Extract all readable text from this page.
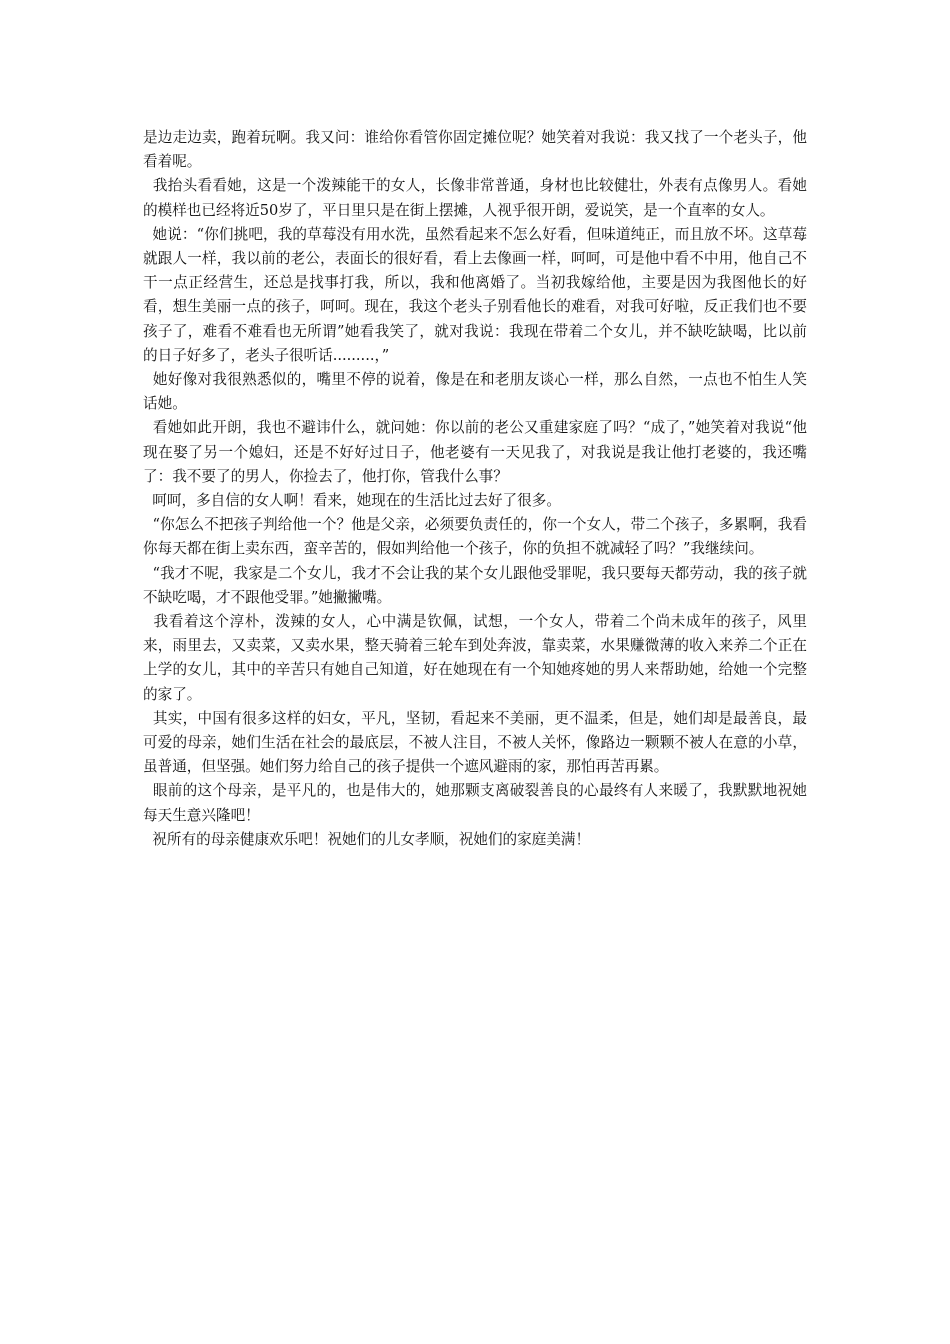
是边走边卖，跑着玩啊。我又问：谁给你看管你固定摊位呢？她笑着对我说：我又找了一个老头子，他看着呢。

我抬头看看她，这是一个泼辣能干的女人，长像非常普通，身材也比较健壮，外表有点像男人。看她的模样也已经将近50岁了，平日里只是在街上摆摊，人视乎很开朗，爱说笑，是一个直率的女人。

她说：“你们挑吧，我的草莓没有用水洗，虽然看起来不怎么好看，但味道纯正，而且放不坏。这草莓就跟人一样，我以前的老公，表面长的很好看，看上去像画一样，呵呵，可是他中看不中用，他自己不干一点正经营生，还总是找事打我，所以，我和他离婚了。当初我嫁给他，主要是因为我图他长的好看，想生美丽一点的孩子，呵呵。现在，我这个老头子别看他长的难看，对我可好啦，反正我们也不要孩子了，难看不难看也无所谓”她看我笑了，就对我说：我现在带着二个女儿，并不缺吃缺喝，比以前的日子好多了，老头子很听话.........，”

她好像对我很熟悉似的，嘴里不停的说着，像是在和老朋友谈心一样，那么自然，一点也不怕生人笑话她。

看她如此开朗，我也不避讳什么，就问她：你以前的老公又重建家庭了吗？“成了，”她笑着对我说“他现在娶了另一个媳妇，还是不好好过日子，他老婆有一天见我了，对我说是我让他打老婆的，我还嘴了：我不要了的男人，你捡去了，他打你，管我什么事？

呵呵，多自信的女人啊！看来，她现在的生活比过去好了很多。

“你怎么不把孩子判给他一个？他是父亲，必须要负责任的，你一个女人，带二个孩子，多累啊，我看你每天都在街上卖东西，蛮辛苦的，假如判给他一个孩子，你的负担不就减轻了吗？”我继续问。

“我才不呢，我家是二个女儿，我才不会让我的某个女儿跟他受罪呢，我只要每天都劳动，我的孩子就不缺吃喝，才不跟他受罪。”她撇撇嘴。

我看着这个淳朴，泼辣的女人，心中满是钦佩，试想，一个女人，带着二个尚未成年的孩子，风里来，雨里去，又卖菜，又卖水果，整天骑着三轮车到处奔波，靠卖菜，水果赚微薄的收入来养二个正在上学的女儿，其中的辛苦只有她自己知道，好在她现在有一个知她疼她的男人来帮助她，给她一个完整的家了。

其实，中国有很多这样的妇女，平凡，坚韧，看起来不美丽，更不温柔，但是，她们却是最善良，最可爱的母亲，她们生活在社会的最底层，不被人注目，不被人关怀，像路边一颗颗不被人在意的小草，虽普通，但坚强。她们努力给自己的孩子提供一个遮风避雨的家，那怕再苦再累。

眼前的这个母亲，是平凡的，也是伟大的，她那颗支离破裂善良的心最终有人来暖了，我默默地祝她每天生意兴隆吧！

祝所有的母亲健康欢乐吧！祝她们的儿女孝顺，祝她们的家庭美满！
